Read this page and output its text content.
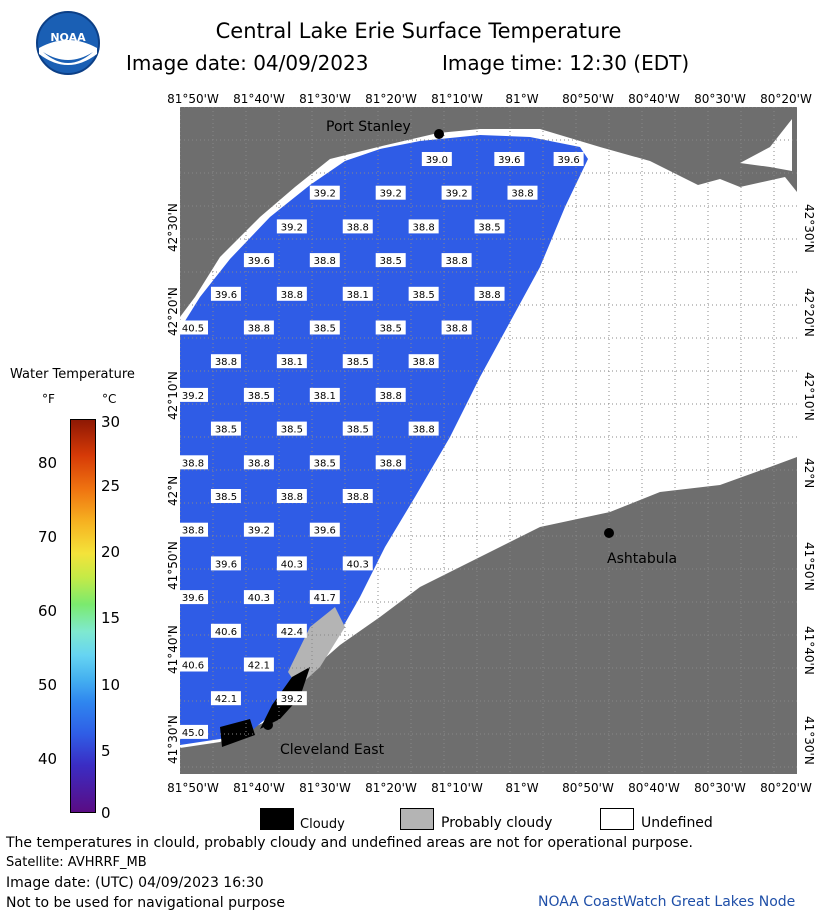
NOAA	Central Lake Erie Surface Temperature
Image date: 04/09/2023	Image time: 12:30 (EDT)
39.0	39.6	39.6
39.2	39.2	39.2	38.8
39.2	38.8	38.8	38.5
39.6	38.8	38.5	38.8
39.6	38.8	38.1	38.5	38.8
40.5	38.8	38.5	38.5	38.8
38.8	38.1	38.5	38.8
39.2	38.5	38.1	38.8
38.5	38.5	38.5	38.8
38.8	38.8	38.5	38.8
38.5	38.8	38.8
38.8	39.2	39.6
39.6	40.3	40.3
39.6	40.3	41.7
40.6	42.4
40.6	42.1
42.1	39.2
45.0
Port Stanley
Ashtabula
Cleveland East
81°50'W	81°40'W	81°30'W	81°20'W	81°10'W	81°W	80°50'W	80°40'W	80°30'W	80°20'W
81°50'W	81°40'W	81°30'W	81°20'W	81°10'W	81°W	80°50'W	80°40'W	80°30'W	80°20'W
42°30'N
42°20'N
42°10'N
42°N
41°50'N
41°40'N
41°30'N
42°30'N
42°20'N
42°10'N
42°N
41°50'N
41°40'N
41°30'N
Water Temperature
°F	°C
80
70
60
50
40
30
25
20
15
10
5
0
Cloudy	Probably cloudy	Undefined
The temperatures in clould, probably cloudy and undefined areas are not for operational purpose.
Satellite: AVHRRF_MB
Image date: (UTC) 04/09/2023 16:30
Not to be used for navigational purpose	NOAA CoastWatch Great Lakes Node
